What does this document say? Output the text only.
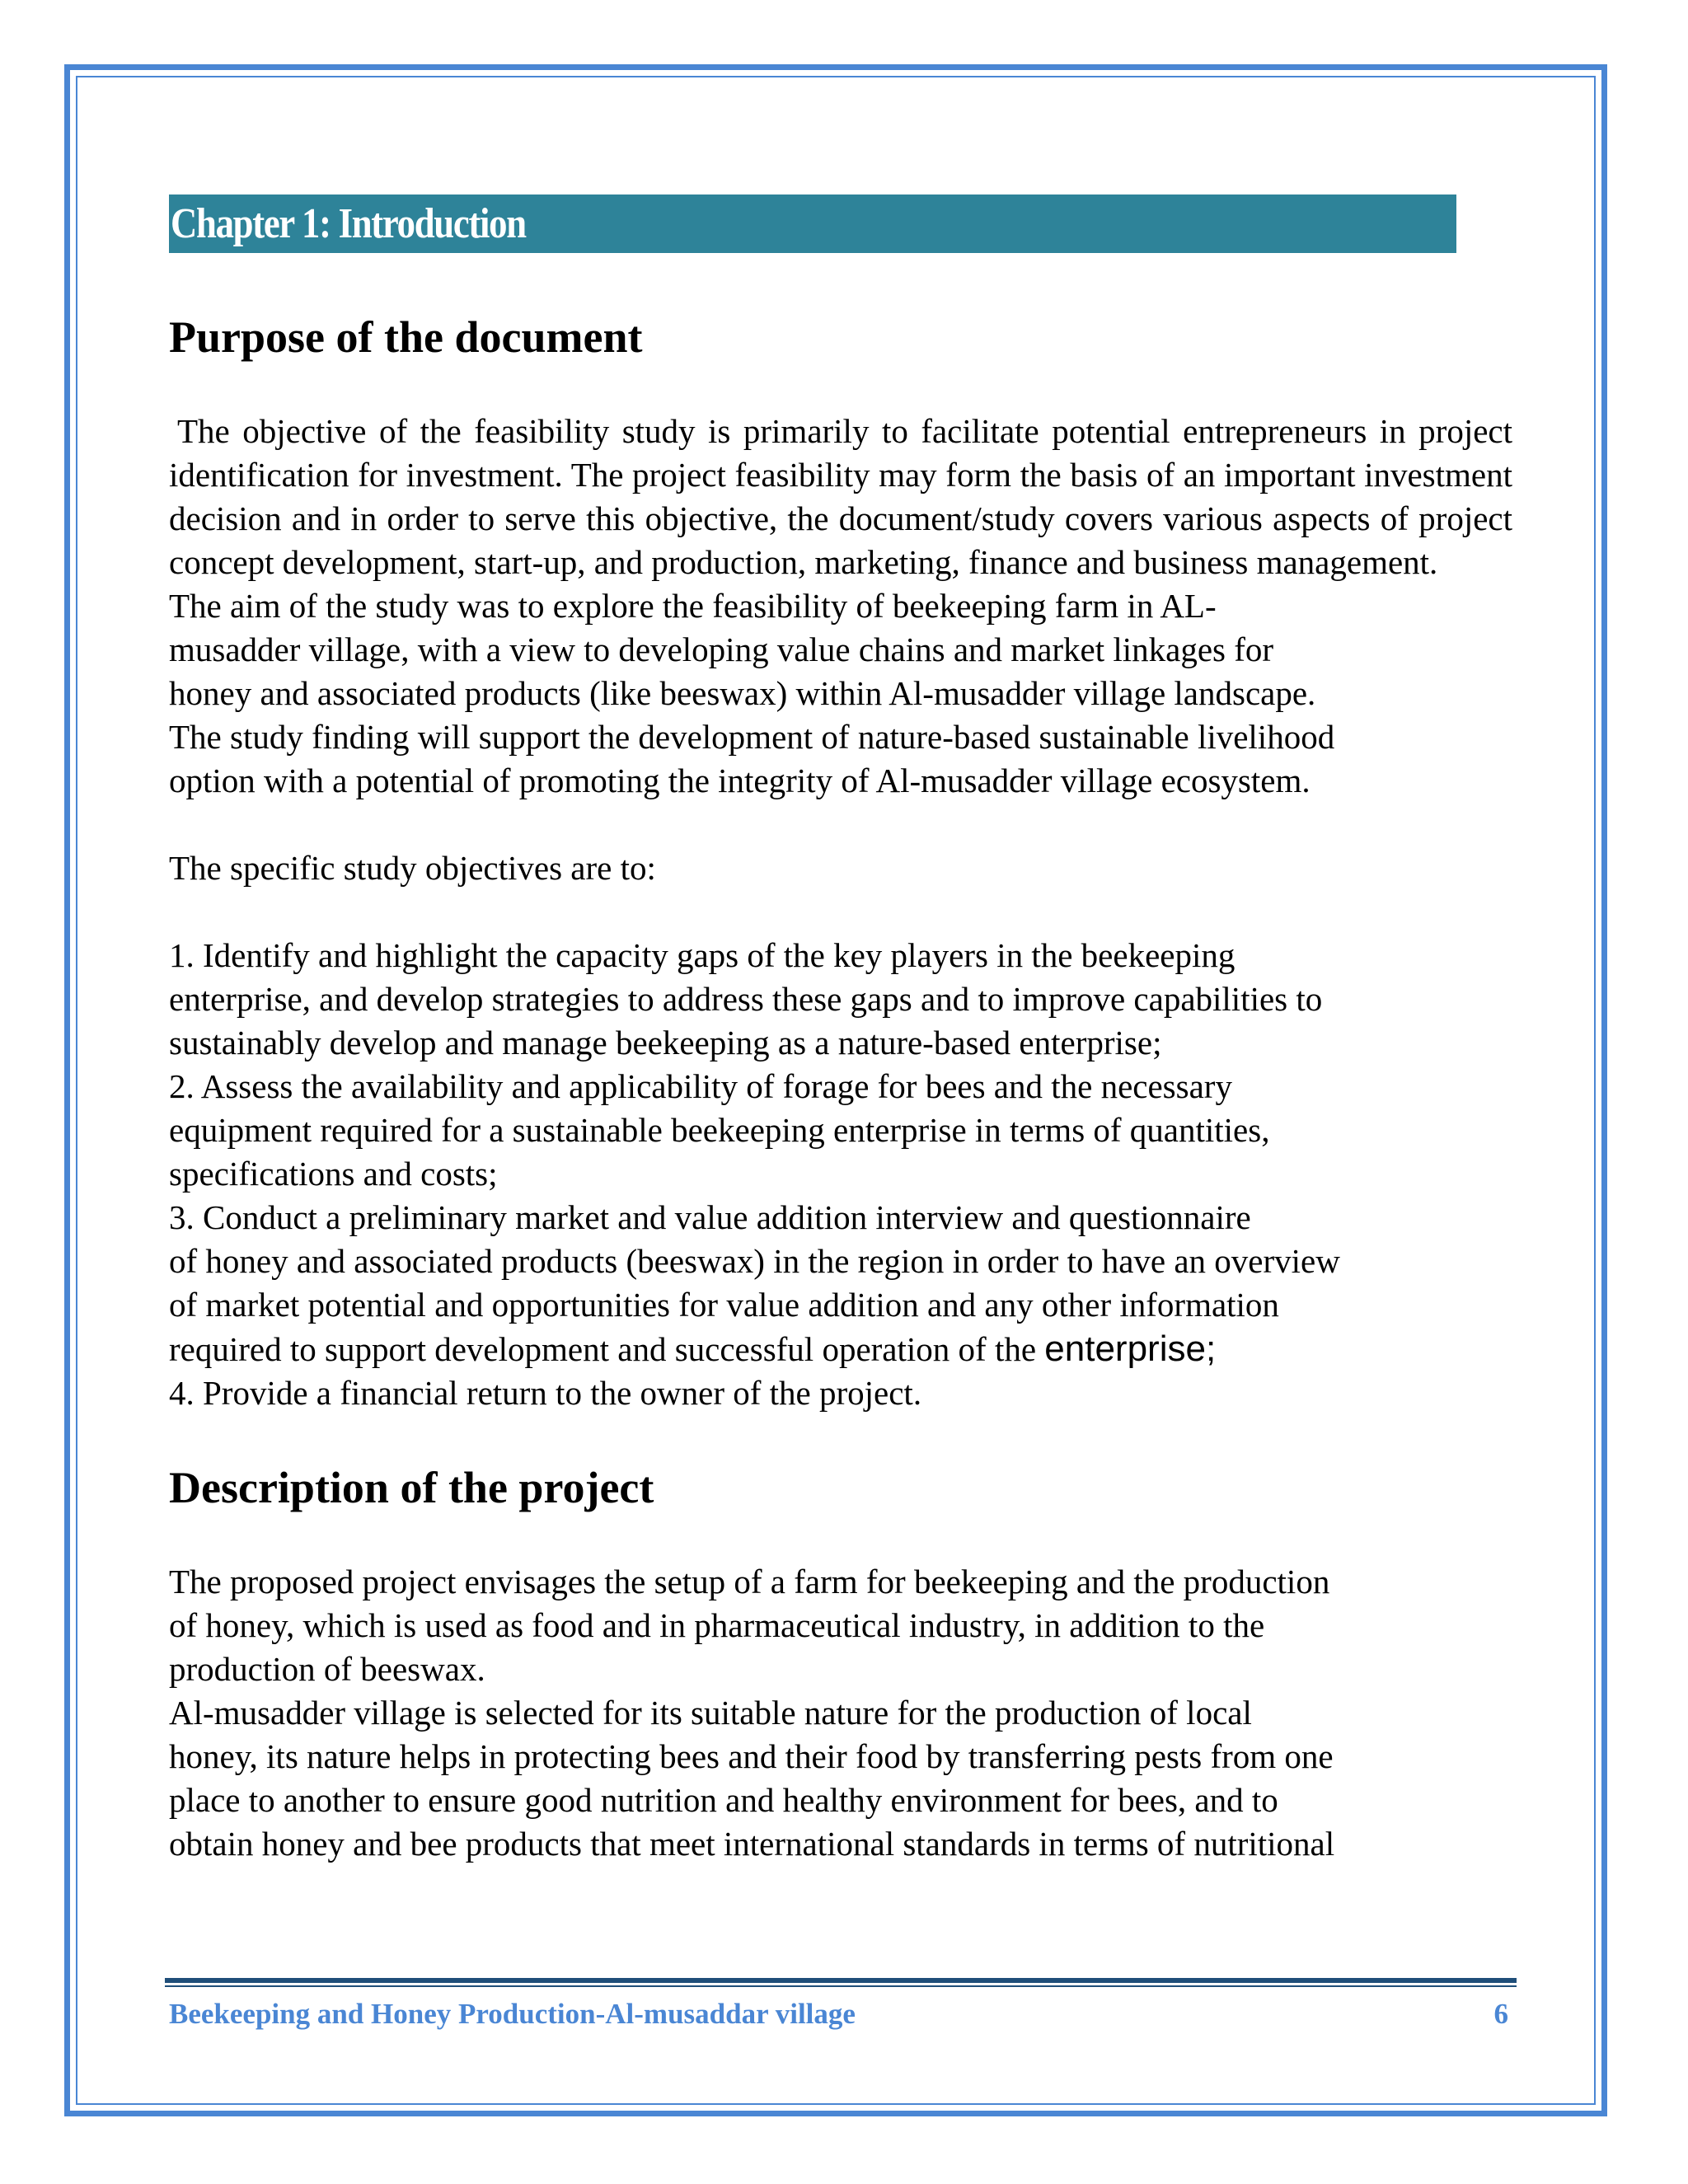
Chapter 1: Introduction
Purpose of the document

The objective of the feasibility study is primarily to facilitate potential entrepreneurs in project identification for investment. The project feasibility may form the basis of an important investment decision and in order to serve this objective, the document/study covers various aspects of project concept development, start-up, and production, marketing, finance and business management.

The aim of the study was to explore the feasibility of beekeeping farm in AL-

musadder village, with a view to developing value chains and market linkages for

honey and associated products (like beeswax) within Al-musadder village landscape.

The study finding will support the development of nature-based sustainable livelihood

option with a potential of promoting the integrity of Al-musadder village ecosystem.

The specific study objectives are to:

1. Identify and highlight the capacity gaps of the key players in the beekeeping

enterprise, and develop strategies to address these gaps and to improve capabilities to

sustainably develop and manage beekeeping as a nature-based enterprise;

2. Assess the availability and applicability of forage for bees and the necessary

equipment required for a sustainable beekeeping enterprise in terms of quantities,

specifications and costs;

3. Conduct a preliminary market and value addition interview and questionnaire

of honey and associated products (beeswax) in the region in order to have an overview

of market potential and opportunities for value addition and any other information

required to support development and successful operation of the enterprise;

4. Provide a financial return to the owner of the project.

Description of the project

The proposed project envisages the setup of a farm for beekeeping and the production

of honey, which is used as food and in pharmaceutical industry, in addition to the

production of beeswax.

Al-musadder village is selected for its suitable nature for the production of local

honey, its nature helps in protecting bees and their food by transferring pests from one

place to another to ensure good nutrition and healthy environment for bees, and to

obtain honey and bee products that meet international standards in terms of nutritional

Beekeeping and Honey Production-Al-musaddar village	6
